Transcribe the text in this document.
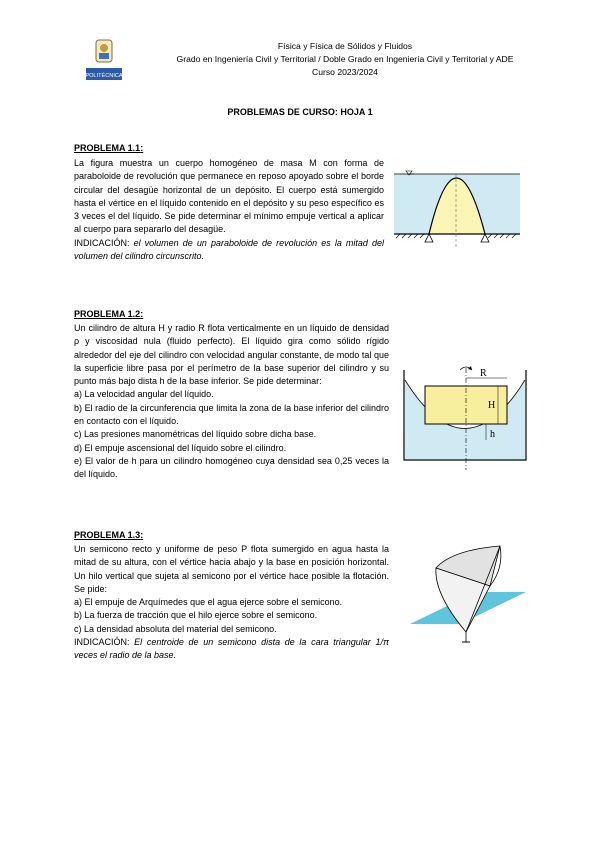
POLITÉCNICA
Física y Física de Sólidos y Fluidos
Grado en Ingeniería Civil y Territorial / Doble Grado en Ingeniería Civil y Territorial y ADE
Curso 2023/2024
PROBLEMAS DE CURSO: HOJA 1
PROBLEMA 1.1:

La figura muestra un cuerpo homogéneo de masa M con forma de paraboloide de revolución que permanece en reposo apoyado sobre el borde circular del desagüe horizontal de un depósito. El cuerpo está sumergido hasta el vértice en el líquido contenido en el depósito y su peso específico es 3 veces el del líquido. Se pide determinar el mínimo empuje vertical a aplicar al cuerpo para separarlo del desagüe.

INDICACIÓN: el volumen de un paraboloide de revolución es la mitad del volumen del cilindro circunscrito.

PROBLEMA 1.2:

Un cilindro de altura H y radio R flota verticalmente en un líquido de densidad ρ y viscosidad nula (fluido perfecto). El líquido gira como sólido rígido alrededor del eje del cilindro con velocidad angular constante, de modo tal que la superficie libre pasa por el perímetro de la base superior del cilindro y su punto más bajo dista h de la base inferior. Se pide determinar:

a) La velocidad angular del líquido.

b) El radio de la circunferencia que limita la zona de la base inferior del cilindro en contacto con el líquido.

c) Las presiones manométricas del líquido sobre dicha base.

d) El empuje ascensional del líquido sobre el cilindro.

e) El valor de h para un cilindro homogéneo cuya densidad sea 0,25 veces la del líquido.

R
H
h
PROBLEMA 1.3:

Un semicono recto y uniforme de peso P flota sumergido en agua hasta la mitad de su altura, con el vértice hacia abajo y la base en posición horizontal. Un hilo vertical que sujeta al semicono por el vértice hace posible la flotación. Se pide:

a) El empuje de Arquímedes que el agua ejerce sobre el semicono.

b) La fuerza de tracción que el hilo ejerce sobre el semicono.

c) La densidad absoluta del material del semicono.

INDICACIÓN: El centroide de un semicono dista de la cara triangular 1/π veces el radio de la base.
